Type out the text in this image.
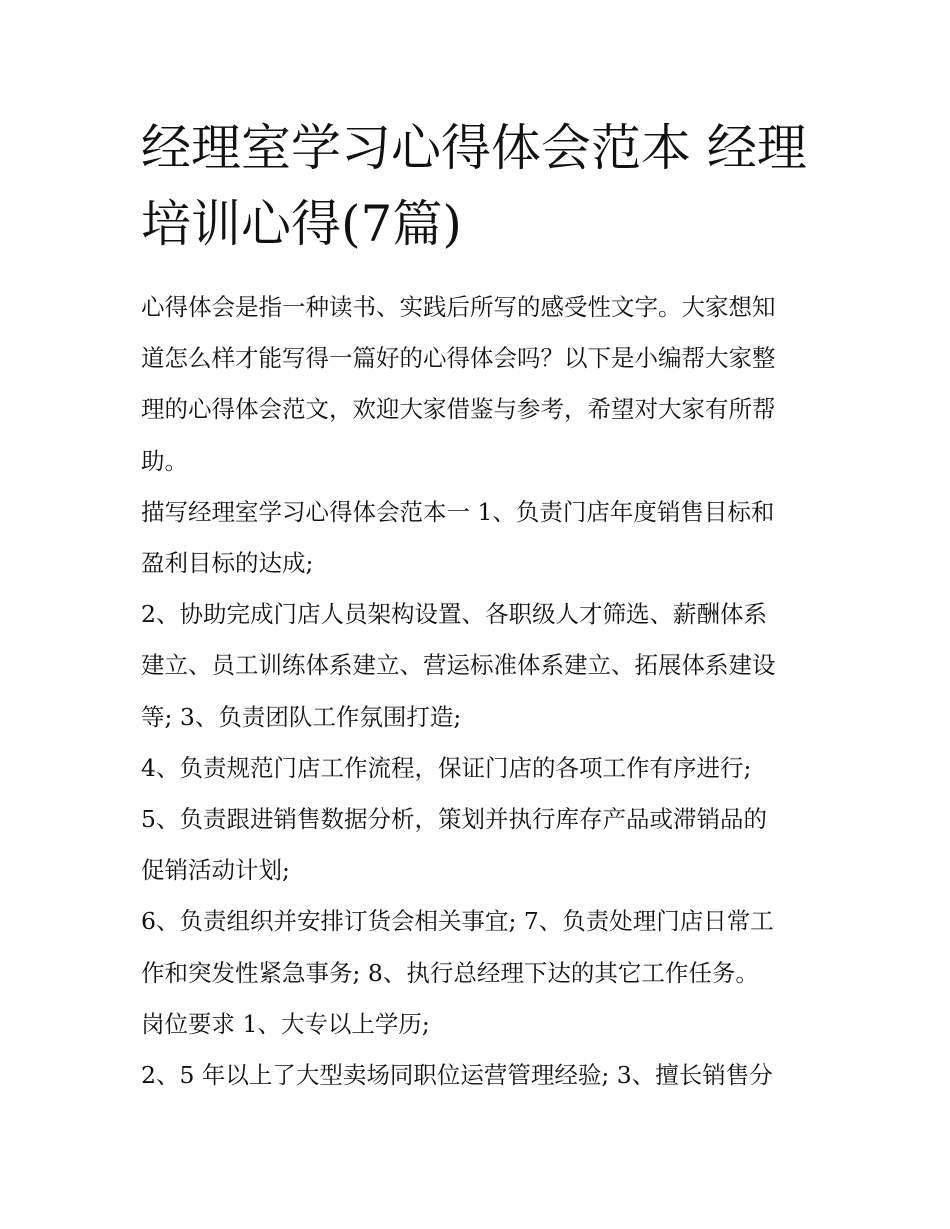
经理室学习心得体会范本 经理
培训心得(7篇)
心得体会是指一种读书、实践后所写的感受性文字。大家想知
道怎么样才能写得一篇好的心得体会吗？以下是小编帮大家整
理的心得体会范文，欢迎大家借鉴与参考，希望对大家有所帮
助。
描写经理室学习心得体会范本一 1、负责门店年度销售目标和
盈利目标的达成;
2、协助完成门店人员架构设置、各职级人才筛选、薪酬体系
建立、员工训练体系建立、营运标准体系建立、拓展体系建设
等; 3、负责团队工作氛围打造;
4、负责规范门店工作流程，保证门店的各项工作有序进行;
5、负责跟进销售数据分析，策划并执行库存产品或滞销品的
促销活动计划;
6、负责组织并安排订货会相关事宜; 7、负责处理门店日常工
作和突发性紧急事务; 8、执行总经理下达的其它工作任务。
岗位要求 1、大专以上学历;
2、5 年以上了大型卖场同职位运营管理经验; 3、擅长销售分
